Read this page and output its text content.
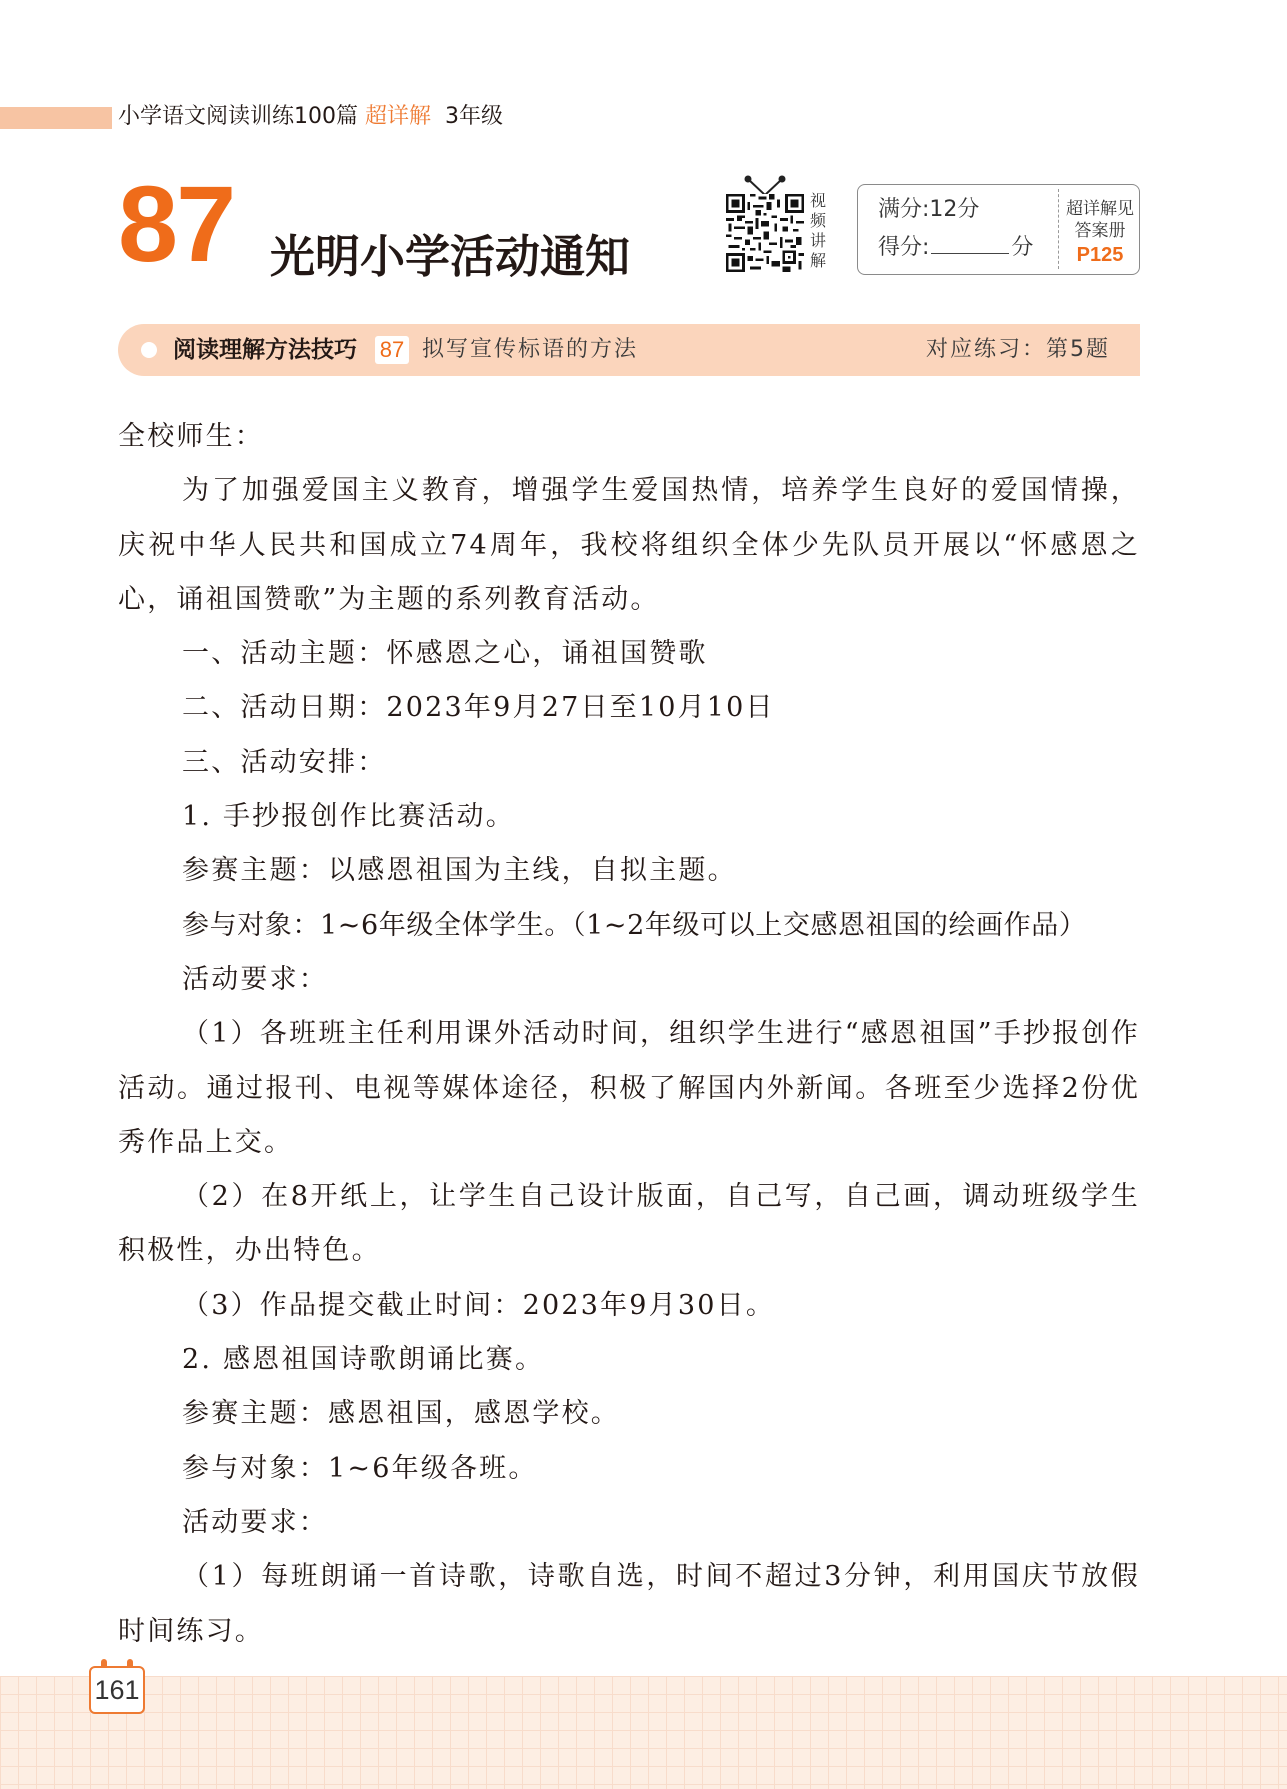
小学语文阅读训练100篇 超详解 3年级
87 光明小学活动通知
视
频
讲
解
满分:12分
得分:	分
超详解见
答案册
P125
阅读理解方法技巧 87 拟写宣传标语的方法	对应练习：第5题

全校师生：

为了加强爱国主义教育，增强学生爱国热情，培养学生良好的爱国情操，庆祝中华人民共和国成立74周年，我校将组织全体少先队员开展以“怀感恩之心，诵祖国赞歌”为主题的系列教育活动。

一、活动主题：怀感恩之心，诵祖国赞歌

二、活动日期：2023年9月27日至10月10日

三、活动安排：

1. 手抄报创作比赛活动。

参赛主题：以感恩祖国为主线，自拟主题。

参与对象：1~6年级全体学生。（1~2年级可以上交感恩祖国的绘画作品）

活动要求：

（1）各班班主任利用课外活动时间，组织学生进行“感恩祖国”手抄报创作活动。通过报刊、电视等媒体途径，积极了解国内外新闻。各班至少选择2份优秀作品上交。

（2）在8开纸上，让学生自己设计版面，自己写，自己画，调动班级学生积极性，办出特色。

（3）作品提交截止时间：2023年9月30日。

2. 感恩祖国诗歌朗诵比赛。

参赛主题：感恩祖国，感恩学校。

参与对象：1~6年级各班。

活动要求：

（1）每班朗诵一首诗歌，诗歌自选，时间不超过3分钟，利用国庆节放假时间练习。

161
